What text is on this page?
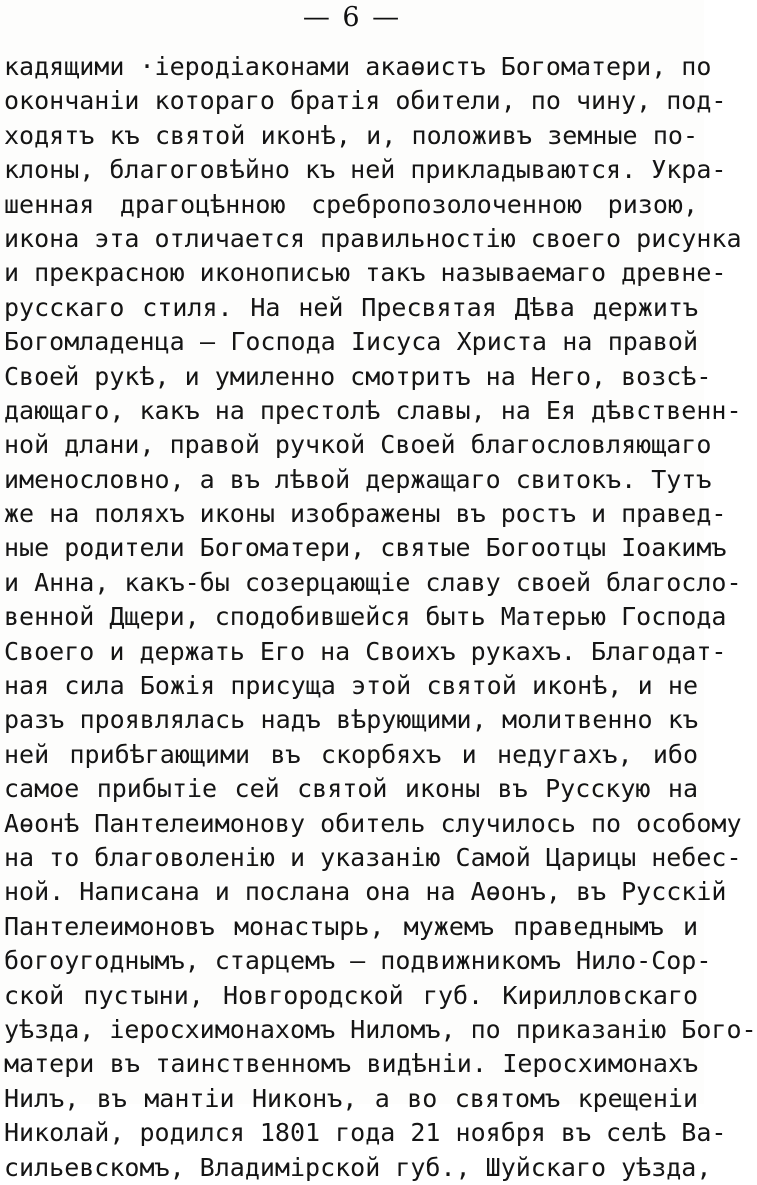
— 6 —
кадящими ·іеродіаконами акаѳистъ Богоматери, по
окончаніи котораго братія обители, по чину, под-
ходятъ къ святой иконѣ, и, положивъ земные по-
клоны, благоговѣйно къ ней прикладываются. Укра-
шенная драгоцѣнною сребропозолоченною ризою,
икона эта отличается правильностію своего рисунка
и прекрасною иконописью такъ называемаго древне-
русскаго стиля. На ней Пресвятая Дѣва держитъ
Богомладенца — Господа Іисуса Христа на правой
Своей рукѣ, и умиленно смотритъ на Него, возсѣ-
дающаго, какъ на престолѣ славы, на Ея дѣвственн-
ной длани, правой ручкой Своей благословляющаго
именословно, а въ лѣвой держащаго свитокъ. Тутъ
же на поляхъ иконы изображены въ ростъ и правед-
ные родители Богоматери, святые Богоотцы Іоакимъ
и Анна, какъ-бы созерцающіе славу своей благосло-
венной Дщери, сподобившейся быть Матерью Господа
Своего и держать Его на Своихъ рукахъ. Благодат-
ная сила Божія присуща этой святой иконѣ, и не
разъ проявлялась надъ вѣрующими, молитвенно къ
ней прибѣгающими въ скорбяхъ и недугахъ, ибо
самое прибытіе сей святой иконы въ Русскую на
Аѳонѣ Пантелеимонову обитель случилось по особому
на то благоволенію и указанію Самой Царицы небес-
ной. Написана и послана она на Аѳонъ, въ Русскій
Пантелеимоновъ монастырь, мужемъ праведнымъ и
богоугоднымъ, старцемъ — подвижникомъ Нило-Сор-
ской пустыни, Новгородской губ. Кирилловскаго
уѣзда, іеросхимонахомъ Ниломъ, по приказанію Бого-
матери въ таинственномъ видѣніи. Іеросхимонахъ
Нилъ, въ мантіи Никонъ, а во святомъ крещеніи
Николай, родился 1801 года 21 ноября въ селѣ Ва-
сильевскомъ, Владимірской губ., Шуйскаго уѣзда,
